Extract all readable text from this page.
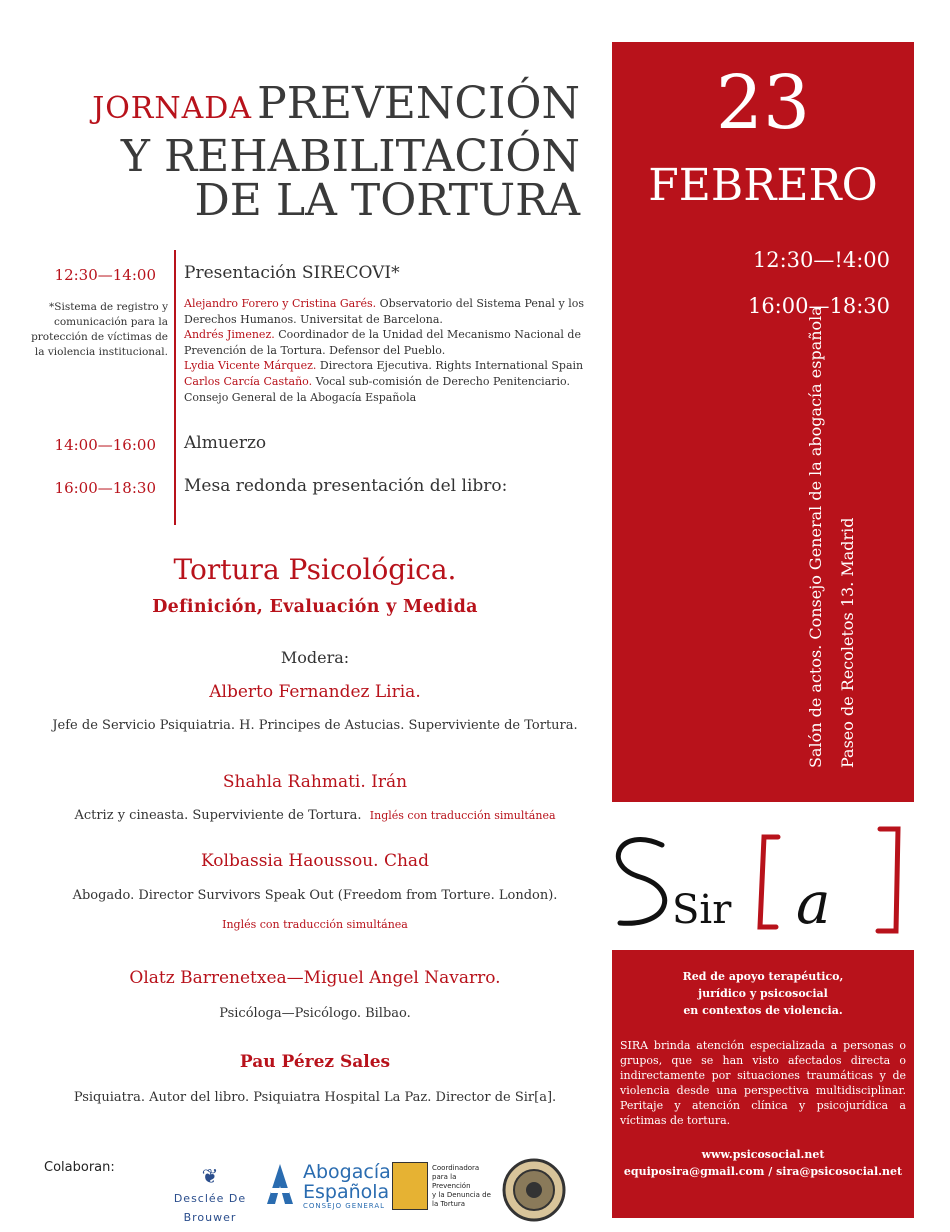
JORNADA PREVENCIÓN
Y REHABILITACIÓN
DE LA TORTURA
12:30—14:00 Presentación SIRECOVI*
*Sistema de registro y comunicación para la protección de víctimas de la violencia institucional.
Alejandro Forero y Cristina Garés. Observatorio del Sistema Penal y los Derechos Humanos. Universitat de Barcelona.
Andrés Jimenez. Coordinador de la Unidad del Mecanismo Nacional de Prevención de la Tortura. Defensor del Pueblo.
Lydia Vicente Márquez. Directora Ejecutiva. Rights International Spain
Carlos Carcía Castaño. Vocal sub-comisión de Derecho Penitenciario. Consejo General de la Abogacía Española
14:00—16:00 Almuerzo
16:00—18:30 Mesa redonda presentación del libro:
Tortura Psicológica.
Definición, Evaluación y Medida
Modera:
Alberto Fernandez Liria.
Jefe de Servicio Psiquiatria. H. Principes de Astucias. Superviviente de Tortura.
Shahla Rahmati. Irán
Actriz y cineasta. Superviviente de Tortura. Inglés con traducción simultánea
Kolbassia Haoussou. Chad
Abogado. Director Survivors Speak Out (Freedom from Torture. London).
Inglés con traducción simultánea
Olatz Barrenetxea—Miguel Angel Navarro.
Psicóloga—Psicólogo. Bilbao.
Pau Pérez Sales
Psiquiatra. Autor del libro. Psiquiatra Hospital La Paz. Director de Sir[a].
23
FEBRERO
12:30—!4:00
16:00—18:30
Salón de actos. Consejo General de la abogacía española Paseo de Recoletos 13. Madrid
Sir a
Red de apoyo terapéutico,
jurídico y psicosocial
en contextos de violencia.
SIRA brinda atención especializada a personas o grupos, que se han visto afectados directa o indirectamente por situaciones traumáticas y de violencia desde una perspectiva multidisciplinar. Peritaje y atención clínica y psicojurídica a víctimas de tortura.
www.psicosocial.net
equiposira@gmail.com / sira@psicosocial.net
Colaboran:	❦
Desclée De Brouwer
Abogacía
Española
CONSEJO GENERAL
Coordinadora
para la Prevención
y la Denuncia de
la Tortura
